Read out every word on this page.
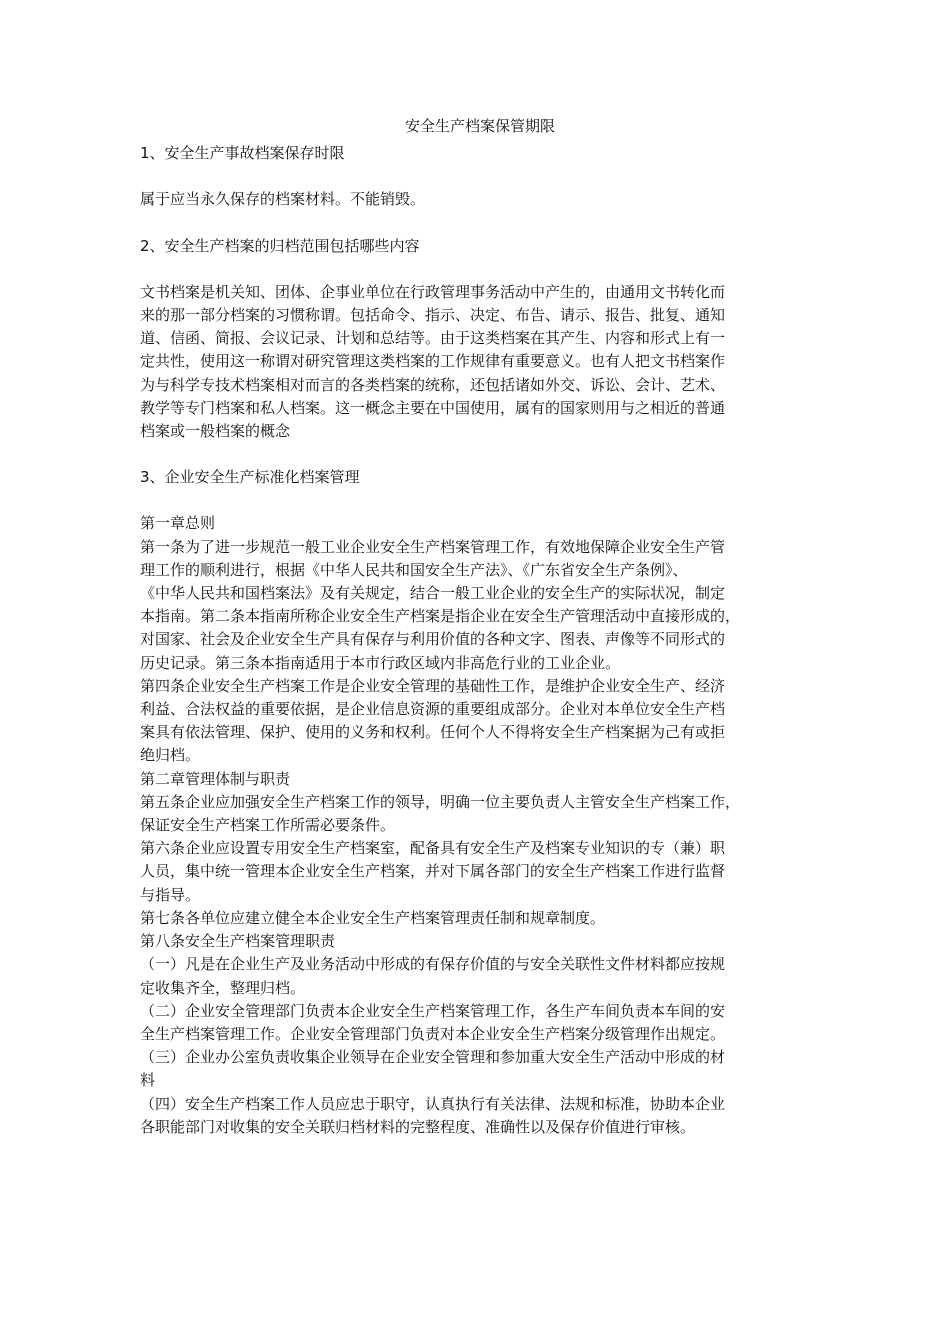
安全生产档案保管期限
1、安全生产事故档案保存时限
属于应当永久保存的档案材料。不能销毁。
2、安全生产档案的归档范围包括哪些内容
文书档案是机关知、团体、企事业单位在行政管理事务活动中产生的，由通用文书转化而
来的那一部分档案的习惯称谓。包括命令、指示、决定、布告、请示、报告、批复、通知
道、信函、简报、会议记录、计划和总结等。由于这类档案在其产生、内容和形式上有一
定共性，使用这一称谓对研究管理这类档案的工作规律有重要意义。也有人把文书档案作
为与科学专技术档案相对而言的各类档案的统称，还包括诸如外交、诉讼、会计、艺术、
教学等专门档案和私人档案。这一概念主要在中国使用，属有的国家则用与之相近的普通
档案或一般档案的概念
3、企业安全生产标准化档案管理
第一章总则
第一条为了进一步规范一般工业企业安全生产档案管理工作，有效地保障企业安全生产管
理工作的顺利进行，根据《中华人民共和国安全生产法》、《广东省安全生产条例》、
《中华人民共和国档案法》及有关规定，结合一般工业企业的安全生产的实际状况，制定
本指南。第二条本指南所称企业安全生产档案是指企业在安全生产管理活动中直接形成的，
对国家、社会及企业安全生产具有保存与利用价值的各种文字、图表、声像等不同形式的
历史记录。第三条本指南适用于本市行政区域内非高危行业的工业企业。
第四条企业安全生产档案工作是企业安全管理的基础性工作，是维护企业安全生产、经济
利益、合法权益的重要依据，是企业信息资源的重要组成部分。企业对本单位安全生产档
案具有依法管理、保护、使用的义务和权利。任何个人不得将安全生产档案据为己有或拒
绝归档。
第二章管理体制与职责
第五条企业应加强安全生产档案工作的领导，明确一位主要负责人主管安全生产档案工作，
保证安全生产档案工作所需必要条件。
第六条企业应设置专用安全生产档案室，配备具有安全生产及档案专业知识的专（兼）职
人员，集中统一管理本企业安全生产档案，并对下属各部门的安全生产档案工作进行监督
与指导。
第七条各单位应建立健全本企业安全生产档案管理责任制和规章制度。
第八条安全生产档案管理职责
（一）凡是在企业生产及业务活动中形成的有保存价值的与安全关联性文件材料都应按规
定收集齐全，整理归档。
（二）企业安全管理部门负责本企业安全生产档案管理工作，各生产车间负责本车间的安
全生产档案管理工作。企业安全管理部门负责对本企业安全生产档案分级管理作出规定。
（三）企业办公室负责收集企业领导在企业安全管理和参加重大安全生产活动中形成的材
料
（四）安全生产档案工作人员应忠于职守，认真执行有关法律、法规和标准，协助本企业
各职能部门对收集的安全关联归档材料的完整程度、准确性以及保存价值进行审核。
